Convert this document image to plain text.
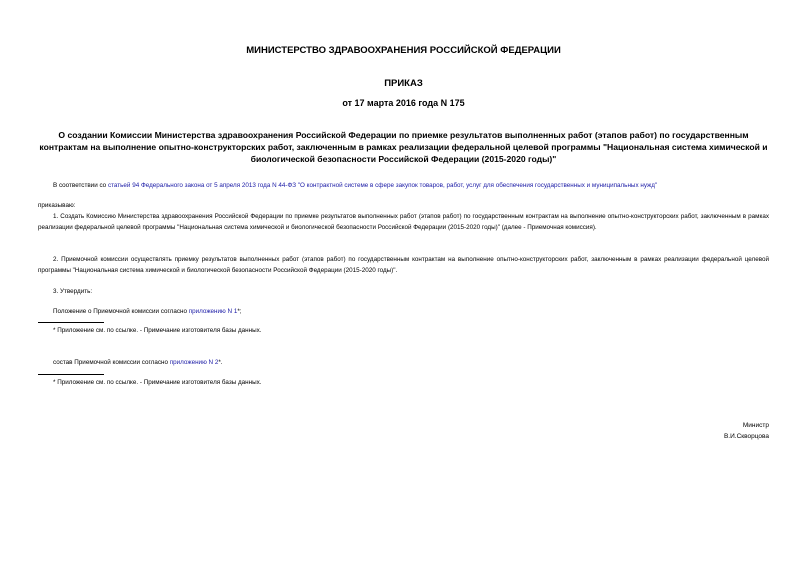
МИНИСТЕРСТВО ЗДРАВООХРАНЕНИЯ РОССИЙСКОЙ ФЕДЕРАЦИИ
ПРИКАЗ
от 17 марта 2016 года N 175
О создании Комиссии Министерства здравоохранения Российской Федерации по приемке результатов выполненных работ (этапов работ) по государственным контрактам на выполнение опытно-конструкторских работ, заключенным в рамках реализации федеральной целевой программы "Национальная система химической и биологической безопасности Российской Федерации (2015-2020 годы)"
В соответствии со статьей 94 Федерального закона от 5 апреля 2013 года N 44-ФЗ "О контрактной системе в сфере закупок товаров, работ, услуг для обеспечения государственных и муниципальных нужд"
приказываю:
1. Создать Комиссию Министерства здравоохранения Российской Федерации по приемке результатов выполненных работ (этапов работ) по государственным контрактам на выполнение опытно-конструкторских работ, заключенным в рамках реализации федеральной целевой программы "Национальная система химической и биологической безопасности Российской Федерации (2015-2020 годы)" (далее - Приемочная комиссия).
2. Приемочной комиссии осуществлять приемку результатов выполненных работ (этапов работ) по государственным контрактам на выполнение опытно-конструкторских работ, заключенным в рамках реализации федеральной целевой программы "Национальная система химической и биологической безопасности Российской Федерации (2015-2020 годы)".
3. Утвердить:
Положение о Приемочной комиссии согласно приложению N 1*;
* Приложение см. по ссылке. - Примечание изготовителя базы данных.
состав Приемочной комиссии согласно приложению N 2*.
* Приложение см. по ссылке. - Примечание изготовителя базы данных.
Министр
В.И.Скворцова
